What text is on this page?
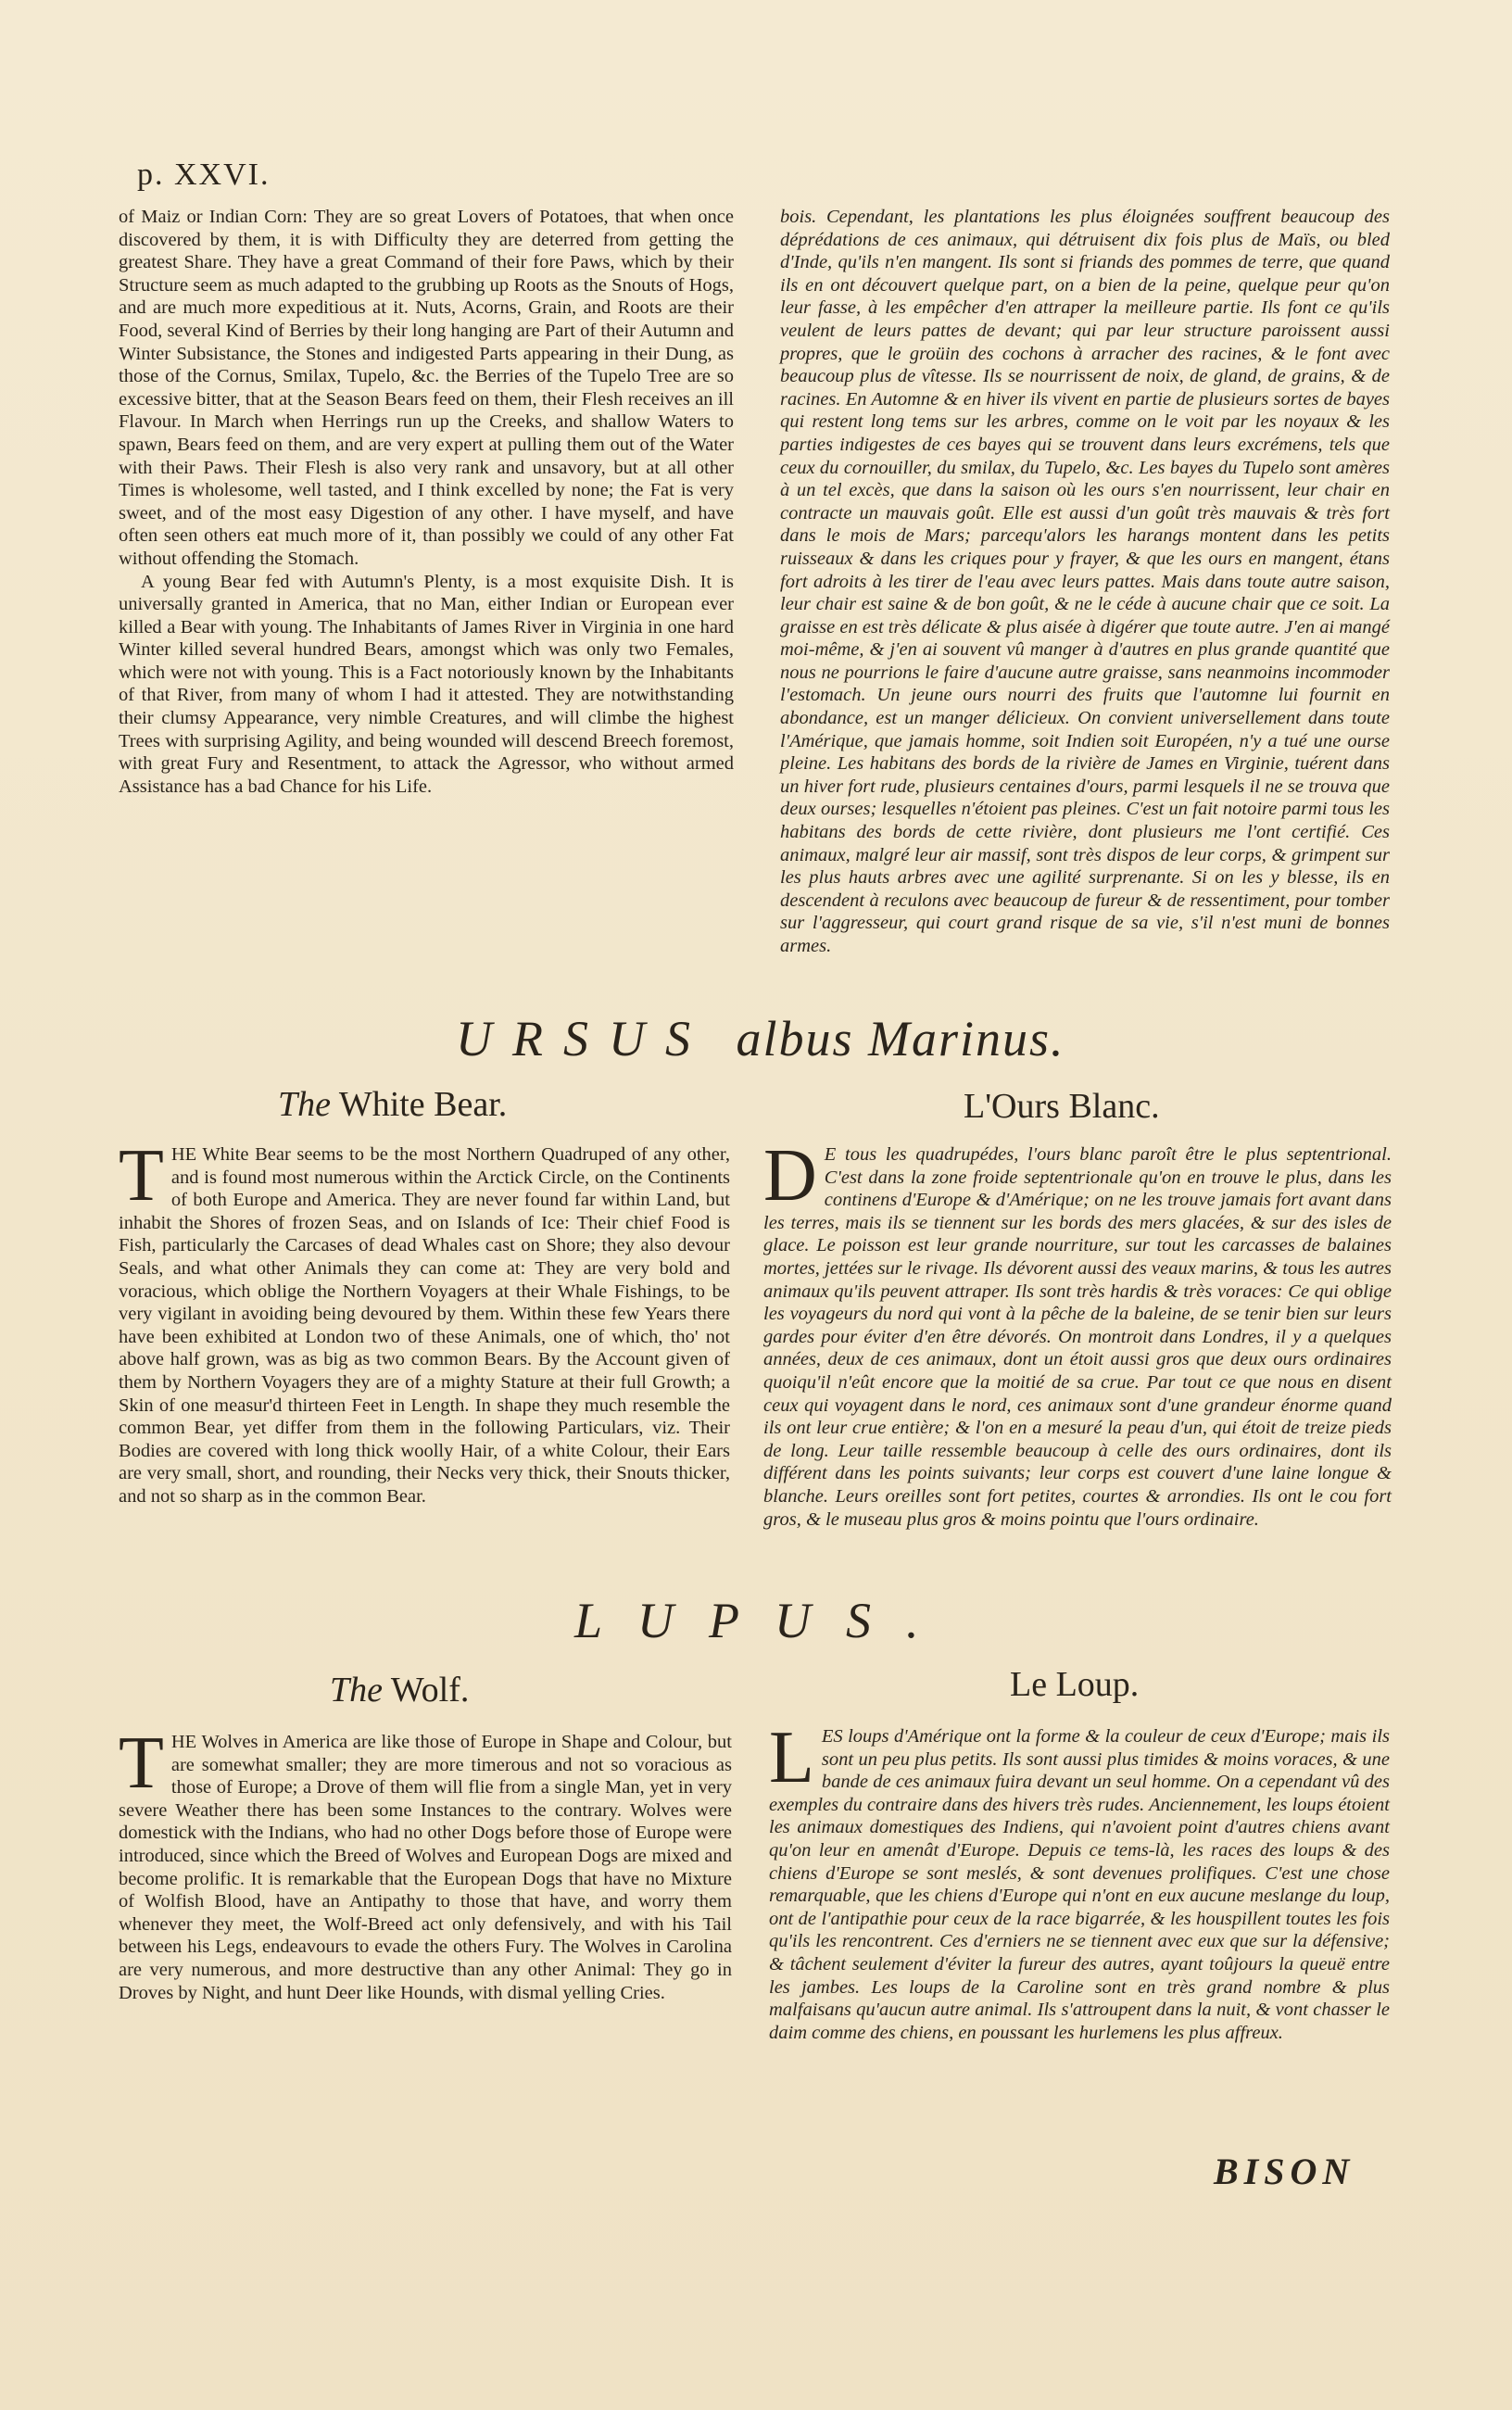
p. XXVI.

of Maiz or Indian Corn: They are so great Lovers of Potatoes, that when once discovered by them, it is with Difficulty they are deterred from getting the greatest Share. They have a great Command of their fore Paws, which by their Structure seem as much adapted to the grubbing up Roots as the Snouts of Hogs, and are much more expeditious at it. Nuts, Acorns, Grain, and Roots are their Food, several Kind of Berries by their long hanging are Part of their Autumn and Winter Subsistance, the Stones and indigested Parts appearing in their Dung, as those of the Cornus, Smilax, Tupelo, &c. the Berries of the Tupelo Tree are so excessive bitter, that at the Season Bears feed on them, their Flesh receives an ill Flavour. In March when Herrings run up the Creeks, and shallow Waters to spawn, Bears feed on them, and are very expert at pulling them out of the Water with their Paws. Their Flesh is also very rank and unsavory, but at all other Times is wholesome, well tasted, and I think excelled by none; the Fat is very sweet, and of the most easy Digestion of any other. I have myself, and have often seen others eat much more of it, than possibly we could of any other Fat without offending the Stomach.

A young Bear fed with Autumn's Plenty, is a most exquisite Dish. It is universally granted in America, that no Man, either Indian or European ever killed a Bear with young. The Inhabitants of James River in Virginia in one hard Winter killed several hundred Bears, amongst which was only two Females, which were not with young. This is a Fact notoriously known by the Inhabitants of that River, from many of whom I had it attested. They are notwithstanding their clumsy Appearance, very nimble Creatures, and will climbe the highest Trees with surprising Agility, and being wounded will descend Breech foremost, with great Fury and Resentment, to attack the Agressor, who without armed Assistance has a bad Chance for his Life.

bois. Cependant, les plantations les plus éloignées souffrent beaucoup des déprédations de ces animaux, qui détruisent dix fois plus de Maïs, ou bled d'Inde, qu'ils n'en mangent. Ils sont si friands des pommes de terre, que quand ils en ont découvert quelque part, on a bien de la peine, quelque peur qu'on leur fasse, à les empêcher d'en attraper la meilleure partie. Ils font ce qu'ils veulent de leurs pattes de devant; qui par leur structure paroissent aussi propres, que le groüin des cochons à arracher des racines, & le font avec beaucoup plus de vîtesse. Ils se nourrissent de noix, de gland, de grains, & de racines. En Automne & en hiver ils vivent en partie de plusieurs sortes de bayes qui restent long tems sur les arbres, comme on le voit par les noyaux & les parties indigestes de ces bayes qui se trouvent dans leurs excrémens, tels que ceux du cornouiller, du smilax, du Tupelo, &c. Les bayes du Tupelo sont amères à un tel excès, que dans la saison où les ours s'en nourrissent, leur chair en contracte un mauvais goût. Elle est aussi d'un goût très mauvais & très fort dans le mois de Mars; parcequ'alors les harangs montent dans les petits ruisseaux & dans les criques pour y frayer, & que les ours en mangent, étans fort adroits à les tirer de l'eau avec leurs pattes. Mais dans toute autre saison, leur chair est saine & de bon goût, & ne le céde à aucune chair que ce soit. La graisse en est très délicate & plus aisée à digérer que toute autre. J'en ai mangé moi-même, & j'en ai souvent vû manger à d'autres en plus grande quantité que nous ne pourrions le faire d'aucune autre graisse, sans neanmoins incommoder l'estomach. Un jeune ours nourri des fruits que l'automne lui fournit en abondance, est un manger délicieux. On convient universellement dans toute l'Amérique, que jamais homme, soit Indien soit Européen, n'y a tué une ourse pleine. Les habitans des bords de la rivière de James en Virginie, tuérent dans un hiver fort rude, plusieurs centaines d'ours, parmi lesquels il ne se trouva que deux ourses; lesquelles n'étoient pas pleines. C'est un fait notoire parmi tous les habitans des bords de cette rivière, dont plusieurs me l'ont certifié. Ces animaux, malgré leur air massif, sont très dispos de leur corps, & grimpent sur les plus hauts arbres avec une agilité surprenante. Si on les y blesse, ils en descendent à reculons avec beaucoup de fureur & de ressentiment, pour tomber sur l'aggresseur, qui court grand risque de sa vie, s'il n'est muni de bonnes armes.

URSUS albus Marinus.
The White Bear.	L'Ours Blanc.
T HE White Bear seems to be the most Northern Quadruped of any other, and is found most numerous within the Arctick Circle, on the Continents of both Europe and America. They are never found far within Land, but inhabit the Shores of frozen Seas, and on Islands of Ice: Their chief Food is Fish, particularly the Carcases of dead Whales cast on Shore; they also devour Seals, and what other Animals they can come at: They are very bold and voracious, which oblige the Northern Voyagers at their Whale Fishings, to be very vigilant in avoiding being devoured by them. Within these few Years there have been exhibited at London two of these Animals, one of which, tho' not above half grown, was as big as two common Bears. By the Account given of them by Northern Voyagers they are of a mighty Stature at their full Growth; a Skin of one measur'd thirteen Feet in Length. In shape they much resemble the common Bear, yet differ from them in the following Particulars, viz. Their Bodies are covered with long thick woolly Hair, of a white Colour, their Ears are very small, short, and rounding, their Necks very thick, their Snouts thicker, and not so sharp as in the common Bear.
D E tous les quadrupédes, l'ours blanc paroît être le plus septentrional. C'est dans la zone froide septentrionale qu'on en trouve le plus, dans les continens d'Europe & d'Amérique; on ne les trouve jamais fort avant dans les terres, mais ils se tiennent sur les bords des mers glacées, & sur des isles de glace. Le poisson est leur grande nourriture, sur tout les carcasses de balaines mortes, jettées sur le rivage. Ils dévorent aussi des veaux marins, & tous les autres animaux qu'ils peuvent attraper. Ils sont très hardis & très voraces: Ce qui oblige les voyageurs du nord qui vont à la pêche de la baleine, de se tenir bien sur leurs gardes pour éviter d'en être dévorés. On montroit dans Londres, il y a quelques années, deux de ces animaux, dont un étoit aussi gros que deux ours ordinaires quoiqu'il n'eût encore que la moitié de sa crue. Par tout ce que nous en disent ceux qui voyagent dans le nord, ces animaux sont d'une grandeur énorme quand ils ont leur crue entière; & l'on en a mesuré la peau d'un, qui étoit de treize pieds de long. Leur taille ressemble beaucoup à celle des ours ordinaires, dont ils différent dans les points suivants; leur corps est couvert d'une laine longue & blanche. Leurs oreilles sont fort petites, courtes & arrondies. Ils ont le cou fort gros, & le museau plus gros & moins pointu que l'ours ordinaire.
LUPUS.
The Wolf.	Le Loup.
T HE Wolves in America are like those of Europe in Shape and Colour, but are somewhat smaller; they are more timerous and not so voracious as those of Europe; a Drove of them will flie from a single Man, yet in very severe Weather there has been some Instances to the contrary. Wolves were domestick with the Indians, who had no other Dogs before those of Europe were introduced, since which the Breed of Wolves and European Dogs are mixed and become prolific. It is remarkable that the European Dogs that have no Mixture of Wolfish Blood, have an Antipathy to those that have, and worry them whenever they meet, the Wolf-Breed act only defensively, and with his Tail between his Legs, endeavours to evade the others Fury. The Wolves in Carolina are very numerous, and more destructive than any other Animal: They go in Droves by Night, and hunt Deer like Hounds, with dismal yelling Cries.
L ES loups d'Amérique ont la forme & la couleur de ceux d'Europe; mais ils sont un peu plus petits. Ils sont aussi plus timides & moins voraces, & une bande de ces animaux fuira devant un seul homme. On a cependant vû des exemples du contraire dans des hivers très rudes. Anciennement, les loups étoient les animaux domestiques des Indiens, qui n'avoient point d'autres chiens avant qu'on leur en amenât d'Europe. Depuis ce tems-là, les races des loups & des chiens d'Europe se sont meslés, & sont devenues prolifiques. C'est une chose remarquable, que les chiens d'Europe qui n'ont en eux aucune meslange du loup, ont de l'antipathie pour ceux de la race bigarrée, & les houspillent toutes les fois qu'ils les rencontrent. Ces d'erniers ne se tiennent avec eux que sur la défensive; & tâchent seulement d'éviter la fureur des autres, ayant toûjours la queuë entre les jambes. Les loups de la Caroline sont en très grand nombre & plus malfaisans qu'aucun autre animal. Ils s'attroupent dans la nuit, & vont chasser le daim comme des chiens, en poussant les hurlemens les plus affreux.
BISON
